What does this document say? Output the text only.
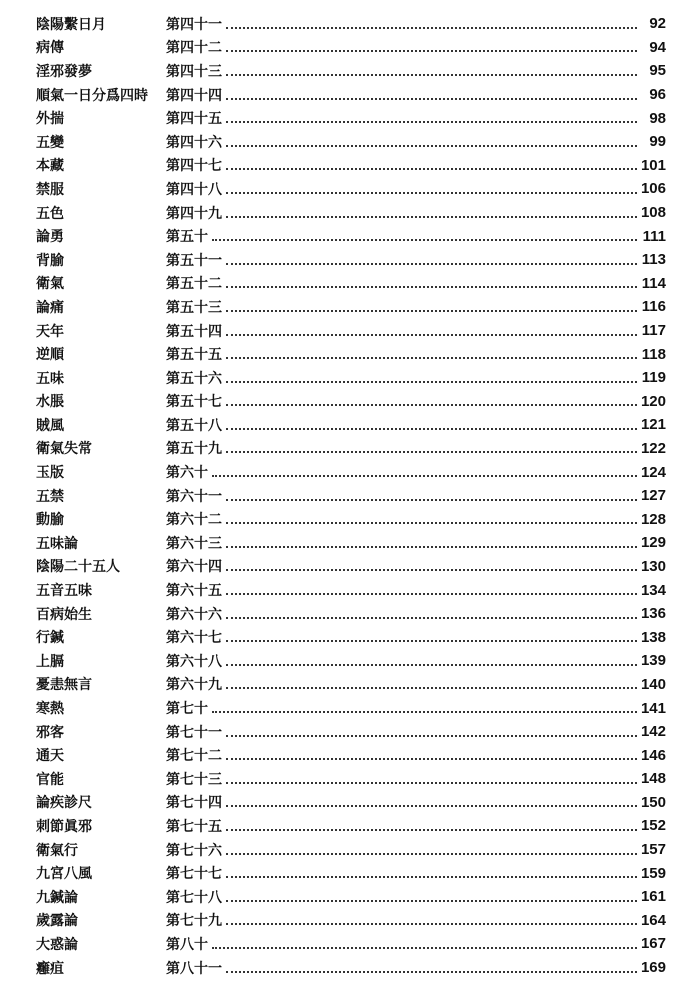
陰陽繫日月	第四十一	92
病傳	第四十二	94
淫邪發夢	第四十三	95
順氣一日分爲四時	第四十四	96
外揣	第四十五	98
五變	第四十六	99
本藏	第四十七	101
禁服	第四十八	106
五色	第四十九	108
論勇	第五十	111
背腧	第五十一	113
衛氣	第五十二	114
論痛	第五十三	116
天年	第五十四	117
逆順	第五十五	118
五味	第五十六	119
水脹	第五十七	120
賊風	第五十八	121
衛氣失常	第五十九	122
玉版	第六十	124
五禁	第六十一	127
動腧	第六十二	128
五味論	第六十三	129
陰陽二十五人	第六十四	130
五音五味	第六十五	134
百病始生	第六十六	136
行鍼	第六十七	138
上膈	第六十八	139
憂恚無言	第六十九	140
寒熱	第七十	141
邪客	第七十一	142
通天	第七十二	146
官能	第七十三	148
論疾診尺	第七十四	150
刺節眞邪	第七十五	152
衛氣行	第七十六	157
九宮八風	第七十七	159
九鍼論	第七十八	161
歲露論	第七十九	164
大惑論	第八十	167
癰疽	第八十一	169
